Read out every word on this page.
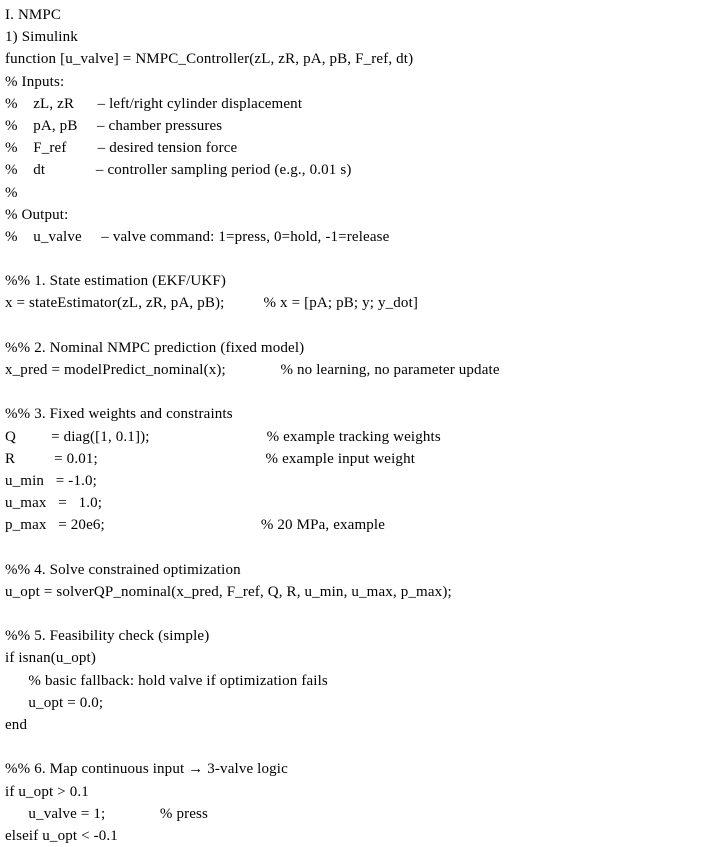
I. NMPC
1) Simulink
function [u_valve] = NMPC_Controller(zL, zR, pA, pB, F_ref, dt)
% Inputs:
%    zL, zR      – left/right cylinder displacement
%    pA, pB     – chamber pressures
%    F_ref        – desired tension force
%    dt             – controller sampling period (e.g., 0.01 s)
%
% Output:
%    u_valve     – valve command: 1=press, 0=hold, -1=release
%% 1. State estimation (EKF/UKF)
x = stateEstimator(zL, zR, pA, pB);          % x = [pA; pB; y; y_dot]
%% 2. Nominal NMPC prediction (fixed model)
x_pred = modelPredict_nominal(x);              % no learning, no parameter update
%% 3. Fixed weights and constraints
Q         = diag([1, 0.1]);                              % example tracking weights
R          = 0.01;                                           % example input weight
u_min   = -1.0;
u_max   =   1.0;
p_max   = 20e6;                                        % 20 MPa, example
%% 4. Solve constrained optimization
u_opt = solverQP_nominal(x_pred, F_ref, Q, R, u_min, u_max, p_max);
%% 5. Feasibility check (simple)
if isnan(u_opt)
% basic fallback: hold valve if optimization fails
u_opt = 0.0;
end
%% 6. Map continuous input → 3-valve logic
if u_opt > 0.1
u_valve = 1;              % press
elseif u_opt < -0.1
